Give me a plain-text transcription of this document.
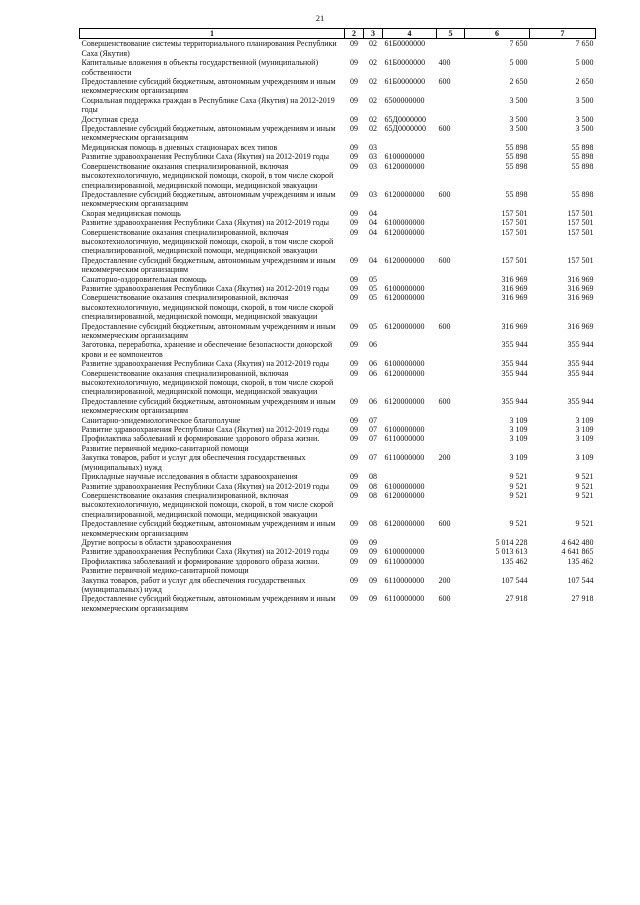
21
1	2	3	4	5	6	7
Совершенствование системы территориального планирования Республики Саха (Якутия)	09	02	61Б0000000		7 650	7 650
Капитальные вложения в объекты государственной (муниципальной) собственности	09	02	61Б0000000	400	5 000	5 000
Предоставление субсидий бюджетным, автономным учреждениям и иным некоммерческим организациям	09	02	61Б0000000	600	2 650	2 650
Социальная поддержка граждан в Республике Саха (Якутия) на 2012-2019 годы	09	02	6500000000		3 500	3 500
Доступная среда	09	02	65Д0000000		3 500	3 500
Предоставление субсидий бюджетным, автономным учреждениям и иным некоммерческим организациям	09	02	65Д0000000	600	3 500	3 500
Медицинская помощь в дневных стационарах всех типов	09	03			55 898	55 898
Развитие здравоохранения Республики Саха (Якутия) на 2012-2019 годы	09	03	6100000000		55 898	55 898
Совершенствование оказания специализированной, включая высокотехнологичную, медицинской помощи, скорой, в том числе скорой специализированной, медицинской помощи, медицинской эвакуации	09	03	6120000000		55 898	55 898
Предоставление субсидий бюджетным, автономным учреждениям и иным некоммерческим организациям	09	03	6120000000	600	55 898	55 898
Скорая медицинская помощь	09	04			157 501	157 501
Развитие здравоохранения Республики Саха (Якутия) на 2012-2019 годы	09	04	6100000000		157 501	157 501
Совершенствование оказания специализированной, включая высокотехнологичную, медицинской помощи, скорой, в том числе скорой специализированной, медицинской помощи, медицинской эвакуации	09	04	6120000000		157 501	157 501
Предоставление субсидий бюджетным, автономным учреждениям и иным некоммерческим организациям	09	04	6120000000	600	157 501	157 501
Санаторно-оздоровительная помощь	09	05			316 969	316 969
Развитие здравоохранения Республики Саха (Якутия) на 2012-2019 годы	09	05	6100000000		316 969	316 969
Совершенствование оказания специализированной, включая высокотехнологичную, медицинской помощи, скорой, в том числе скорой специализированной, медицинской помощи, медицинской эвакуации	09	05	6120000000		316 969	316 969
Предоставление субсидий бюджетным, автономным учреждениям и иным некоммерческим организациям	09	05	6120000000	600	316 969	316 969
Заготовка, переработка, хранение и обеспечение безопасности донорской крови и ее компонентов	09	06			355 944	355 944
Развитие здравоохранения Республики Саха (Якутия) на 2012-2019 годы	09	06	6100000000		355 944	355 944
Совершенствование оказания специализированной, включая высокотехнологичную, медицинской помощи, скорой, в том числе скорой специализированной, медицинской помощи, медицинской эвакуации	09	06	6120000000		355 944	355 944
Предоставление субсидий бюджетным, автономным учреждениям и иным некоммерческим организациям	09	06	6120000000	600	355 944	355 944
Санитарно-эпидемиологическое благополучие	09	07			3 109	3 109
Развитие здравоохранения Республики Саха (Якутия) на 2012-2019 годы	09	07	6100000000		3 109	3 109
Профилактика заболеваний и формирование здорового образа жизни. Развитие первичной медико-санитарной помощи	09	07	6110000000		3 109	3 109
Закупка товаров, работ и услуг для обеспечения государственных (муниципальных) нужд	09	07	6110000000	200	3 109	3 109
Прикладные научные исследования в области здравоохранения	09	08			9 521	9 521
Развитие здравоохранения Республики Саха (Якутия) на 2012-2019 годы	09	08	6100000000		9 521	9 521
Совершенствование оказания специализированной, включая высокотехнологичную, медицинской помощи, скорой, в том числе скорой специализированной, медицинской помощи, медицинской эвакуации	09	08	6120000000		9 521	9 521
Предоставление субсидий бюджетным, автономным учреждениям и иным некоммерческим организациям	09	08	6120000000	600	9 521	9 521
Другие вопросы в области здравоохранения	09	09			5 014 228	4 642 480
Развитие здравоохранения Республики Саха (Якутия) на 2012-2019 годы	09	09	6100000000		5 013 613	4 641 865
Профилактика заболеваний и формирование здорового образа жизни. Развитие первичной медико-санитарной помощи	09	09	6110000000		135 462	135 462
Закупка товаров, работ и услуг для обеспечения государственных (муниципальных) нужд	09	09	6110000000	200	107 544	107 544
Предоставление субсидий бюджетным, автономным учреждениям и иным некоммерческим организациям	09	09	6110000000	600	27 918	27 918
